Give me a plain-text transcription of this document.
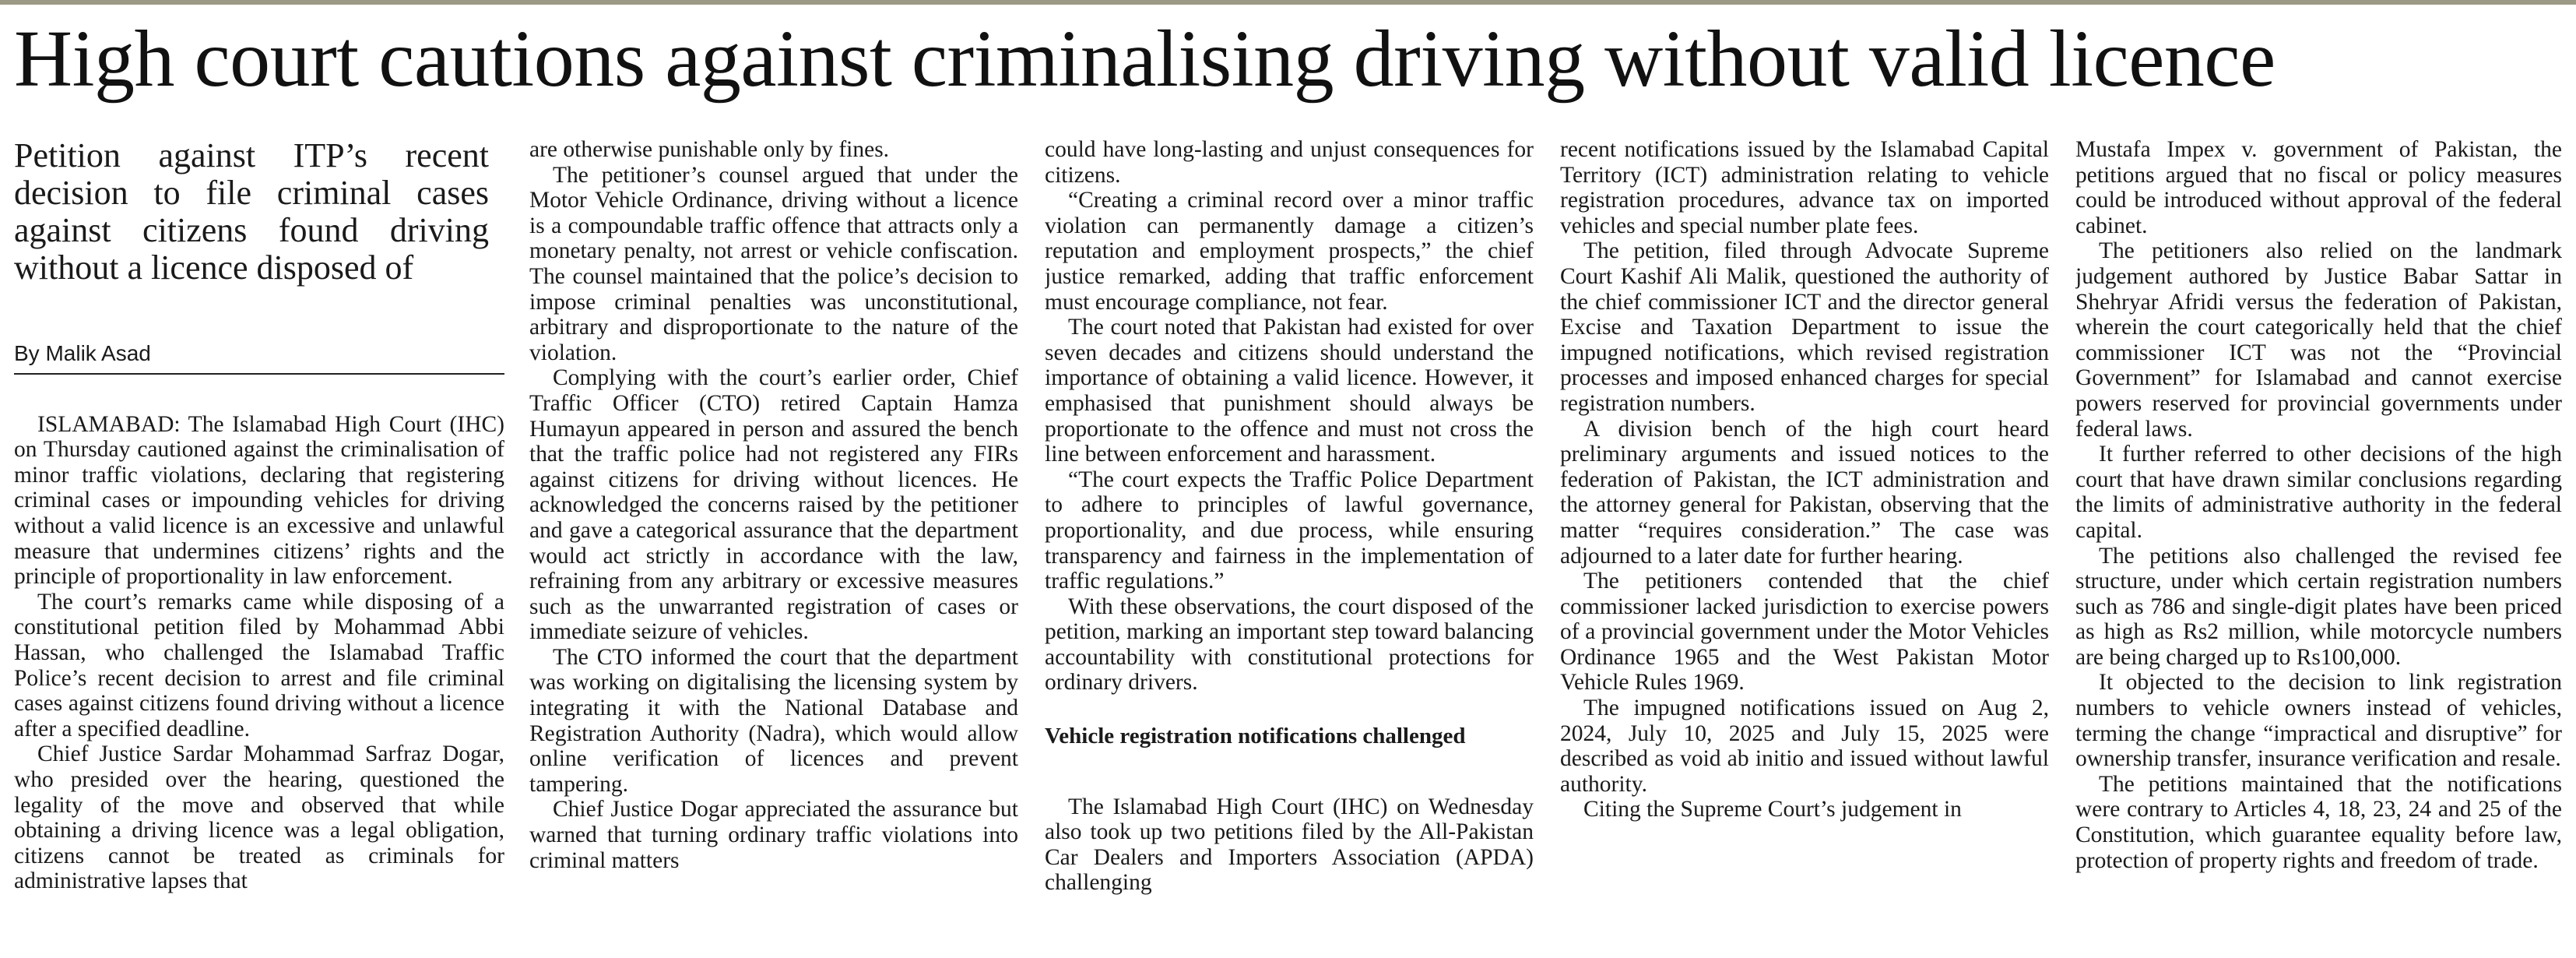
High court cautions against criminalising driving without valid licence

Petition against ITP’s recent decision to file criminal cases against citizens found driving without a licence disposed of

By Malik Asad

ISLAMABAD: The Islamabad High Court (IHC) on Thursday cautioned against the criminalisation of minor traffic violations, declaring that registering criminal cases or impounding vehicles for driving without a valid licence is an excessive and unlawful measure that undermines citizens’ rights and the principle of proportionality in law enforcement.

The court’s remarks came while disposing of a constitutional petition filed by Mohammad Abbi Hassan, who challenged the Islamabad Traffic Police’s recent decision to arrest and file criminal cases against citizens found driving without a licence after a specified deadline.

Chief Justice Sardar Mohammad Sarfraz Dogar, who presided over the hearing, questioned the legality of the move and observed that while obtaining a driving licence was a legal obligation, citizens cannot be treated as criminals for administrative lapses that

are otherwise punishable only by fines.

The petitioner’s counsel argued that under the Motor Vehicle Ordinance, driving without a licence is a compoundable traffic offence that attracts only a monetary penalty, not arrest or vehicle confiscation. The counsel maintained that the police’s decision to impose criminal penalties was unconstitutional, arbitrary and disproportionate to the nature of the violation.

Complying with the court’s earlier order, Chief Traffic Officer (CTO) retired Captain Hamza Humayun appeared in person and assured the bench that the traffic police had not registered any FIRs against citizens for driving without licences. He acknowledged the concerns raised by the petitioner and gave a categorical assurance that the department would act strictly in accordance with the law, refraining from any arbitrary or excessive measures such as the unwarranted registration of cases or immediate seizure of vehicles.

The CTO informed the court that the department was working on digitalising the licensing system by integrating it with the National Database and Registration Authority (Nadra), which would allow online verification of licences and prevent tampering.

Chief Justice Dogar appreciated the assurance but warned that turning ordinary traffic violations into criminal matters

could have long-lasting and unjust consequences for citizens.

“Creating a criminal record over a minor traffic violation can permanently damage a citizen’s reputation and employment prospects,” the chief justice remarked, adding that traffic enforcement must encourage compliance, not fear.

The court noted that Pakistan had existed for over seven decades and citizens should understand the importance of obtaining a valid licence. However, it emphasised that punishment should always be proportionate to the offence and must not cross the line between enforcement and harassment.

“The court expects the Traffic Police Department to adhere to principles of lawful governance, proportionality, and due process, while ensuring transparency and fairness in the implementation of traffic regulations.”

With these observations, the court disposed of the petition, marking an important step toward balancing accountability with constitutional protections for ordinary drivers.

Vehicle registration notifications challenged

The Islamabad High Court (IHC) on Wednesday also took up two petitions filed by the All-Pakistan Car Dealers and Importers Association (APDA) challenging

recent notifications issued by the Islamabad Capital Territory (ICT) administration relating to vehicle registration procedures, advance tax on imported vehicles and special number plate fees.

The petition, filed through Advocate Supreme Court Kashif Ali Malik, questioned the authority of the chief commissioner ICT and the director general Excise and Taxation Department to issue the impugned notifications, which revised registration processes and imposed enhanced charges for special registration numbers.

A division bench of the high court heard preliminary arguments and issued notices to the federation of Pakistan, the ICT administration and the attorney general for Pakistan, observing that the matter “requires consideration.” The case was adjourned to a later date for further hearing.

The petitioners contended that the chief commissioner lacked jurisdiction to exercise powers of a provincial government under the Motor Vehicles Ordinance 1965 and the West Pakistan Motor Vehicle Rules 1969.

The impugned notifications issued on Aug 2, 2024, July 10, 2025 and July 15, 2025 were described as void ab initio and issued without lawful authority.

Citing the Supreme Court’s judgement in

Mustafa Impex v. government of Pakistan, the petitions argued that no fiscal or policy measures could be introduced without approval of the federal cabinet.

The petitioners also relied on the landmark judgement authored by Justice Babar Sattar in Shehryar Afridi versus the federation of Pakistan, wherein the court categorically held that the chief commissioner ICT was not the “Provincial Government” for Islamabad and cannot exercise powers reserved for provincial governments under federal laws.

It further referred to other decisions of the high court that have drawn similar conclusions regarding the limits of administrative authority in the federal capital.

The petitions also challenged the revised fee structure, under which certain registration numbers such as 786 and single-digit plates have been priced as high as Rs2 million, while motorcycle numbers are being charged up to Rs100,000.

It objected to the decision to link registration numbers to vehicle owners instead of vehicles, terming the change “impractical and disruptive” for ownership transfer, insurance verification and resale.

The petitions maintained that the notifications were contrary to Articles 4, 18, 23, 24 and 25 of the Constitution, which guarantee equality before law, protection of property rights and freedom of trade.
